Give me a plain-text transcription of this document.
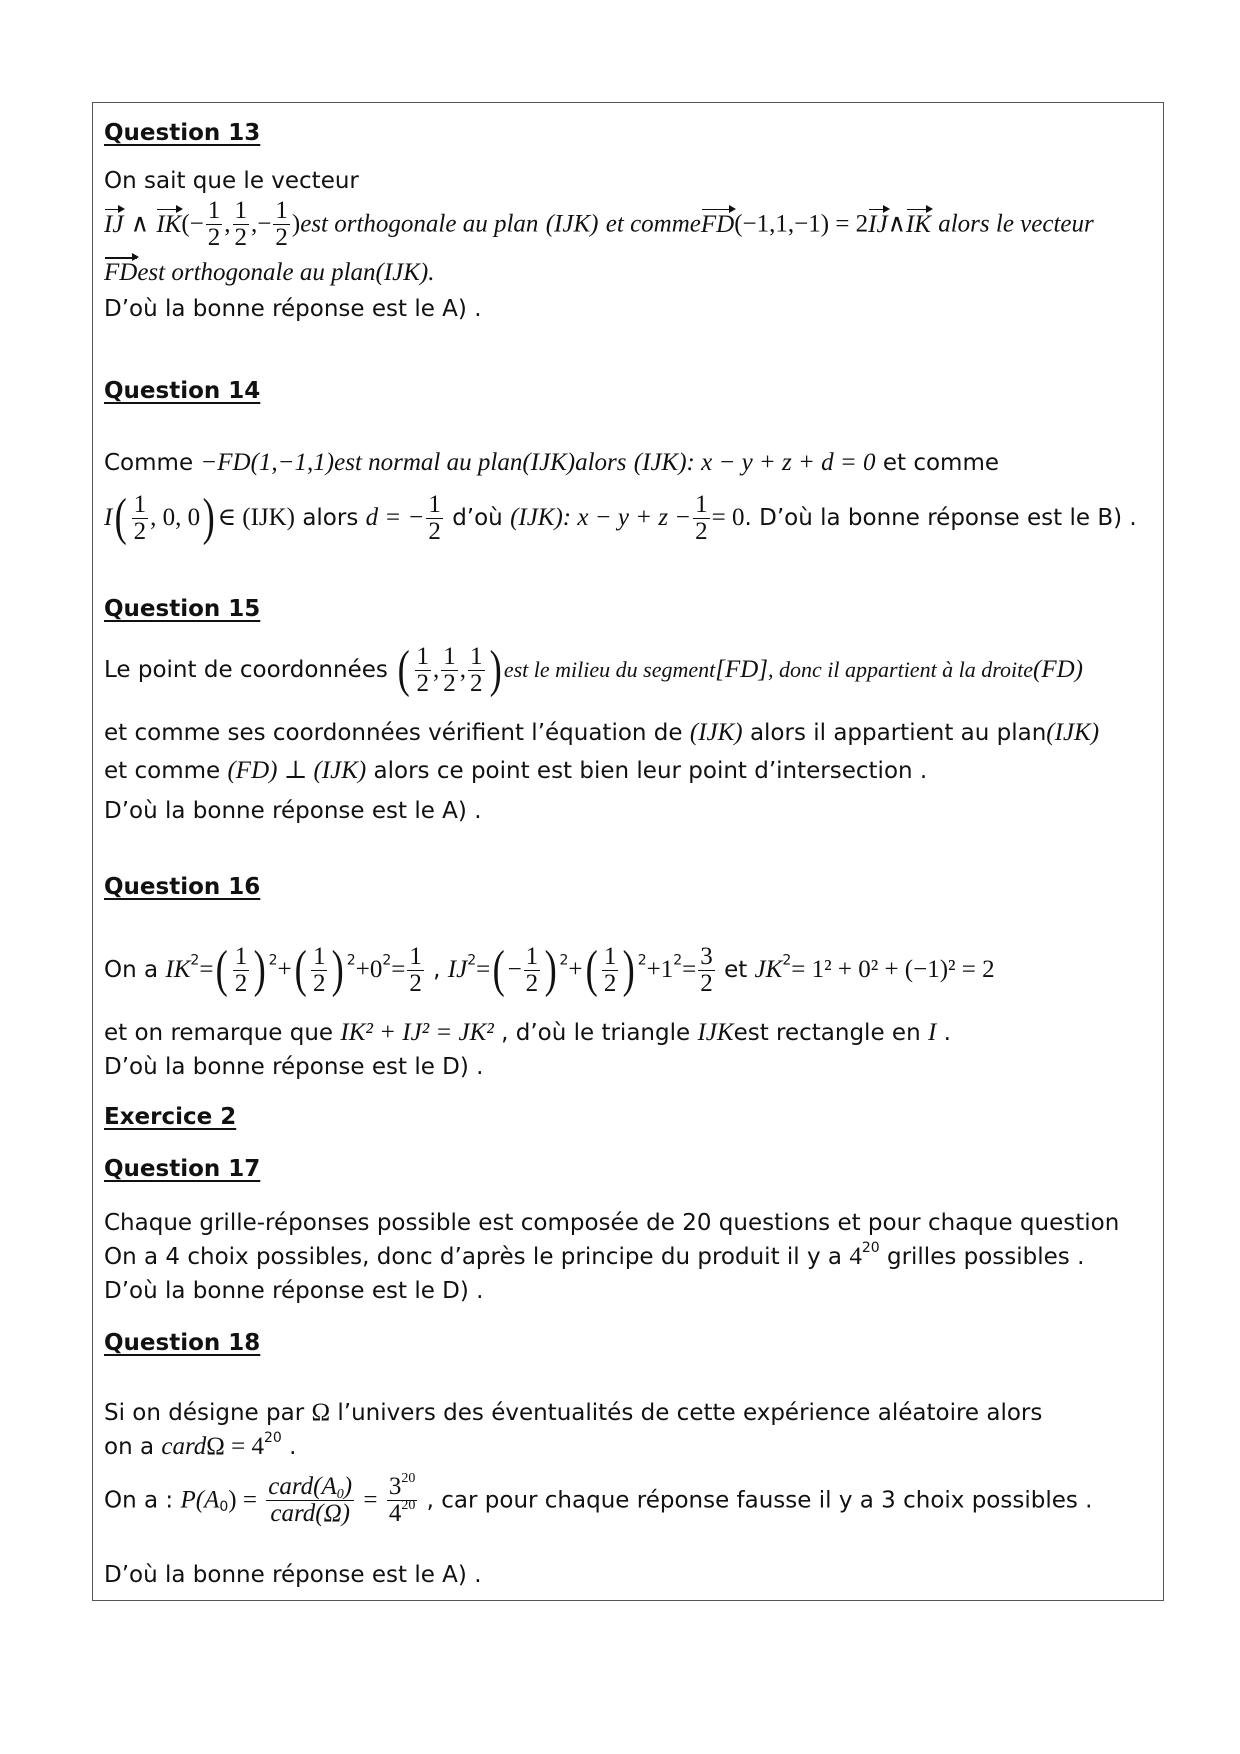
Question 13
On sait que le vecteur
IJ ∧ $IK(- \frac{1}{2}$ , $\frac{1}{2}$ ,− $\frac{1}{2} )est$ orthogonale au plan (IJK) et commeFD(−1,1,−1) = 2IJ∧IK alors le vecteur
FDest orthogonale au plan(IJK).
D’où la bonne réponse est le A) .
Question 14
Comme −FD(1,−1,1)est normal au plan(IJK)alors (IJK): x − y + z + d = 0 et comme
$I( \frac{1}{2}$ , 0, 0) ∈ (IJK) alors d = − $\frac{1}{2}$ d’où (IJK): $x - y + z - \frac{1}{2} = 0$. D’où la bonne réponse est le B) .
Question 15
Le point de coordonnées ( $\frac{1}{2}$ , $\frac{1}{2}$ , $\frac{1}{2}$ ) est le milieu du segment[FD], donc il appartient à la droite(FD)
et comme ses coordonnées vérifient l’équation de (IJK) alors il appartient au plan(IJK)
et comme (FD) ⊥ (IJK) alors ce point est bien leur point d’intersection .
D’où la bonne réponse est le A) .
Question 16
On a $IK^2=( \frac{1}{2}$ ) $^2+( \frac{1}{2}$ ) $^2+0^2= \frac{1}{2}$ , $IJ^2=( - \frac{1}{2}$ ) $^2+( \frac{1}{2}$ ) $^2+1^2= \frac{3}{2}$ et $JK^2= 1^2 + 0^2 + (-1)^2 = 2$
et on remarque que IK² + IJ² = JK² , d’où le triangle IJKest rectangle en I .
D’où la bonne réponse est le D) .
Exercice 2
Question 17
Chaque grille-réponses possible est composée de 20 questions et pour chaque question
On a 4 choix possibles, donc d’après le principe du produit il y a $4^{20}$ grilles possibles .
D’où la bonne réponse est le D) .
Question 18
Si on désigne par Ω l’univers des éventualités de cette expérience aléatoire alors
on a cardΩ = $4^{20}$ .
On a : $P(A_0) = \frac{card(A_0)}{\text{card(Ω)}} = \frac{3^{20}}{4^{20}}$ , car pour chaque réponse fausse il y a 3 choix possibles .
D’où la bonne réponse est le A) .
